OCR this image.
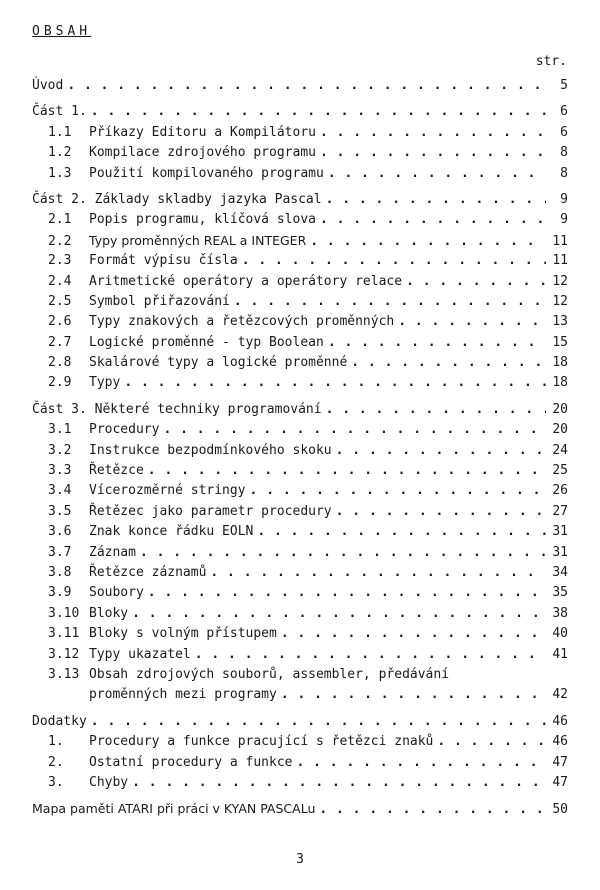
OBSAH
str.
Úvod . . .	5
Část 1. . . .	6
1.1	Příkazy Editoru a Kompilátoru . . .	6
1.2	Kompilace zdrojového programu . . .	8
1.3	Použití kompilovaného programu . . .	8
Část 2. Základy skladby jazyka Pascal . . .	9
2.1	Popis programu, klíčová slova . . .	9
2.2	Typy proměnných REAL a INTEGER . . .	11
2.3	Formát výpisu čísla . . .	11
2.4	Aritmetické operátory a operátory relace . . .	12
2.5	Symbol přiřazování . . .	12
2.6	Typy znakových a řetězcových proměnných . . .	13
2.7	Logické proměnné - typ Boolean . . .	15
2.8	Skalárové typy a logické proměnné . . .	18
2.9	Typy . . .	18
Část 3. Některé techniky programování . . .	20
3.1	Procedury . . .	20
3.2	Instrukce bezpodmínkového skoku . . .	24
3.3	Řetězce . . .	25
3.4	Vícerozměrné stringy . . .	26
3.5	Řetězec jako parametr procedury . . .	27
3.6	Znak konce řádku EOLN . . .	31
3.7	Záznam . . .	31
3.8	Řetězce záznamů . . .	34
3.9	Soubory . . .	35
3.10 Bloky . . .	38
3.11 Bloky s volným přístupem . . .	40
3.12 Typy ukazatel . . .	41
3.13 Obsah zdrojových souborů, assembler, předávání
proměnných mezi programy . . .	42
Dodatky . . .	46
1.	Procedury a funkce pracující s řetězci znaků . . .	46
2.	Ostatní procedury a funkce . . .	47
3.	Chyby . . .	47
Mapa paměti ATARI při práci v KYAN PASCALu . . .	50
3
